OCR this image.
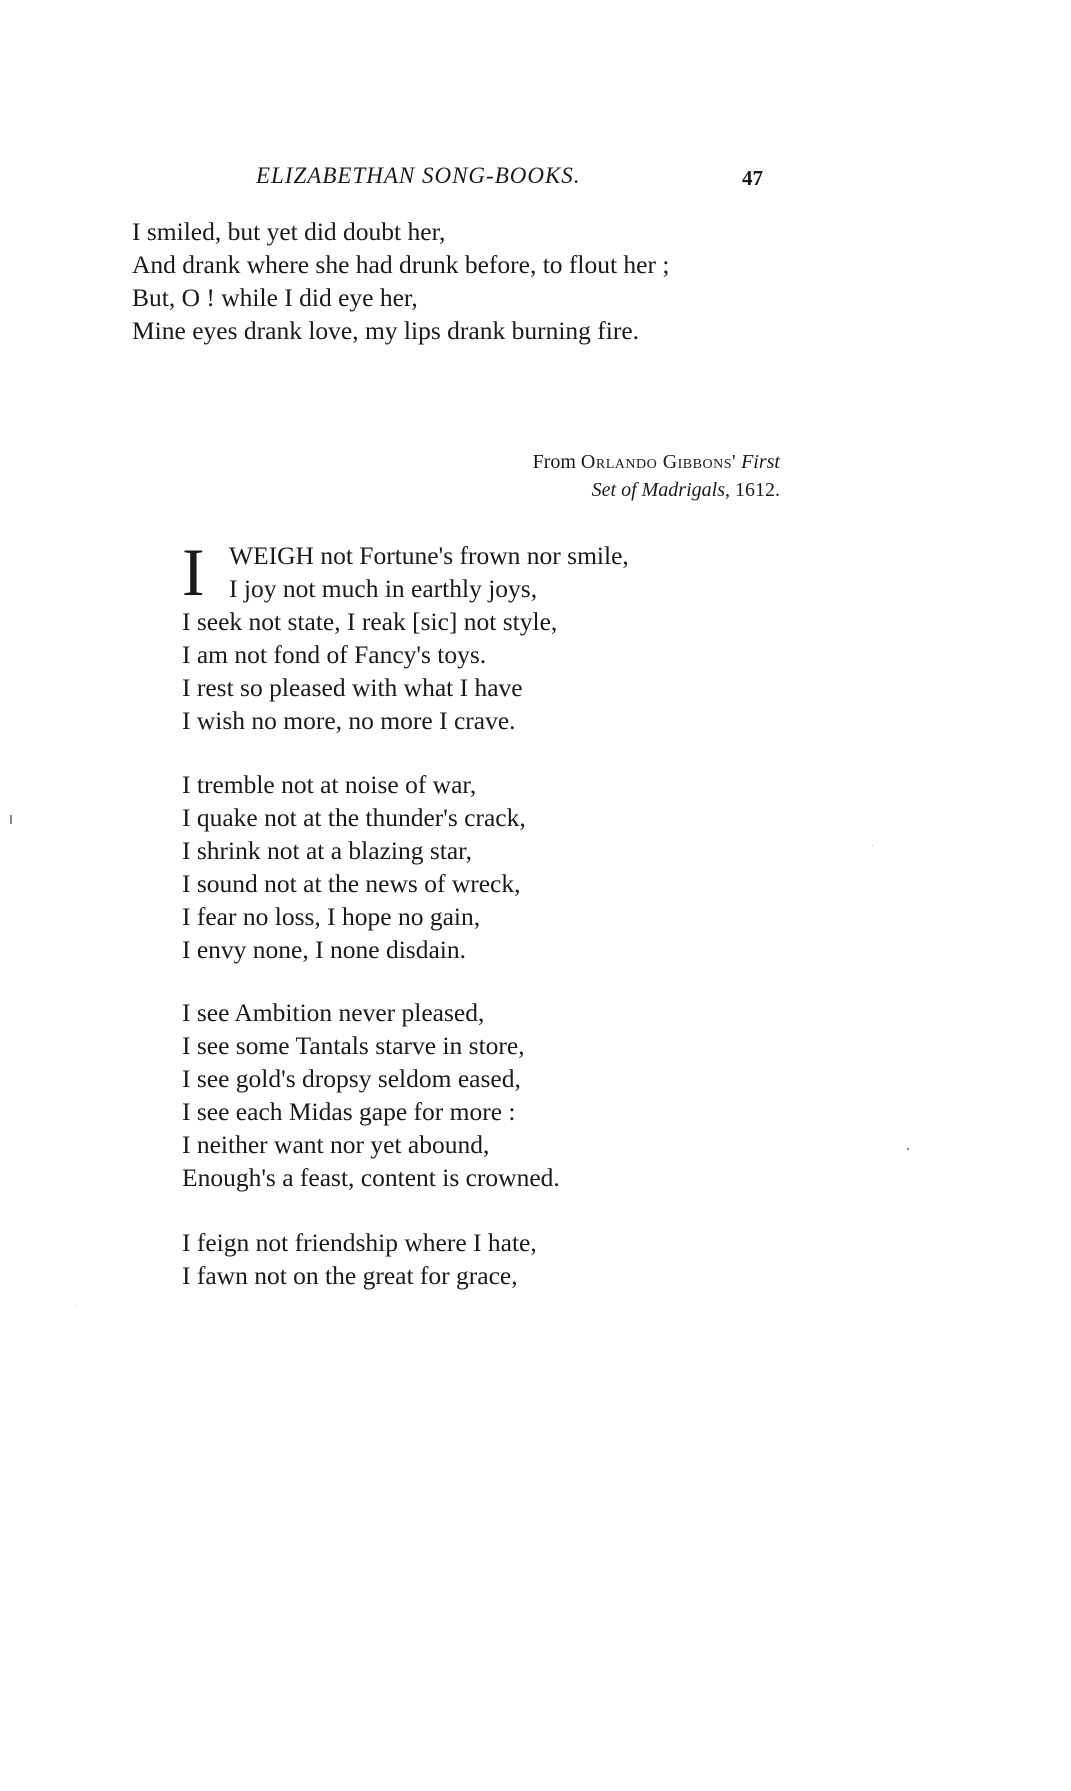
ELIZABETHAN SONG-BOOKS.	47
I smiled, but yet did doubt her,
And drank where she had drunk before, to flout her ;
But, O ! while I did eye her,
Mine eyes drank love, my lips drank burning fire.
From Orlando Gibbons' First
Set of Madrigals, 1612.
I WEIGH not Fortune's frown nor smile,
I joy not much in earthly joys,
I seek not state, I reak [sic] not style,
I am not fond of Fancy's toys.
I rest so pleased with what I have
I wish no more, no more I crave.
I tremble not at noise of war,
I quake not at the thunder's crack,
I shrink not at a blazing star,
I sound not at the news of wreck,
I fear no loss, I hope no gain,
I envy none, I none disdain.
I see Ambition never pleased,
I see some Tantals starve in store,
I see gold's dropsy seldom eased,
I see each Midas gape for more :
I neither want nor yet abound,
Enough's a feast, content is crowned.
I feign not friendship where I hate,
I fawn not on the great for grace,
